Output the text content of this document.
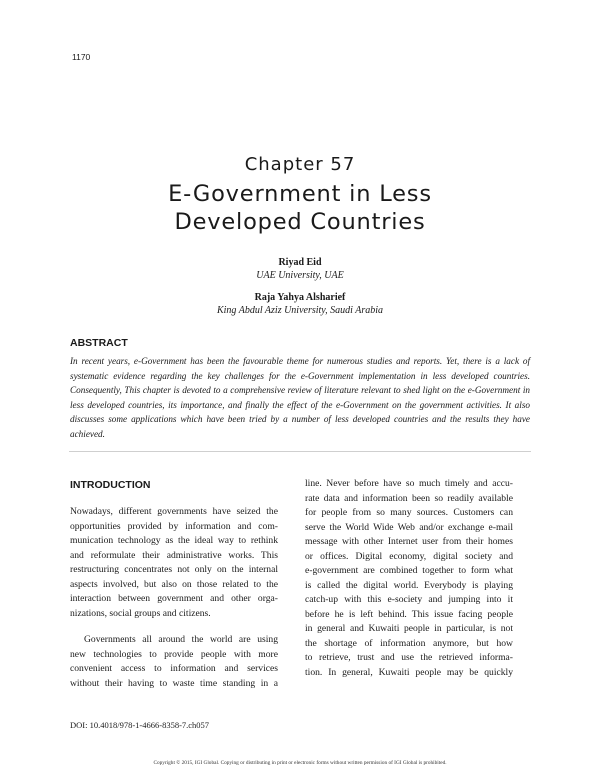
1170
Chapter 57
E-Government in Less
Developed Countries
Riyad Eid
UAE University, UAE
Raja Yahya Alsharief
King Abdul Aziz University, Saudi Arabia
ABSTRACT
In recent years, e-Government has been the favourable theme for numerous studies and reports. Yet, there is a lack of systematic evidence regarding the key challenges for the e-Government implementation in less developed countries. Consequently, This chapter is devoted to a comprehensive review of literature relevant to shed light on the e-Government in less developed countries, its importance, and finally the effect of the e-Government on the government activities. It also discusses some applications which have been tried by a number of less developed countries and the results they have achieved.
INTRODUCTION
Nowadays, different governments have seized the
opportunities provided by information and com-
munication technology as the ideal way to rethink
and reformulate their administrative works. This
restructuring concentrates not only on the internal
aspects involved, but also on those related to the
interaction between government and other orga-
nizations, social groups and citizens.
Governments all around the world are using
new technologies to provide people with more
convenient access to information and services
without their having to waste time standing in a
line. Never before have so much timely and accu-
rate data and information been so readily available
for people from so many sources. Customers can
serve the World Wide Web and/or exchange e-mail
message with other Internet user from their homes
or offices. Digital economy, digital society and
e-government are combined together to form what
is called the digital world. Everybody is playing
catch-up with this e-society and jumping into it
before he is left behind. This issue facing people
in general and Kuwaiti people in particular, is not
the shortage of information anymore, but how
to retrieve, trust and use the retrieved informa-
tion. In general, Kuwaiti people may be quickly
DOI: 10.4018/978-1-4666-8358-7.ch057
Copyright © 2015, IGI Global. Copying or distributing in print or electronic forms without written permission of IGI Global is prohibited.
